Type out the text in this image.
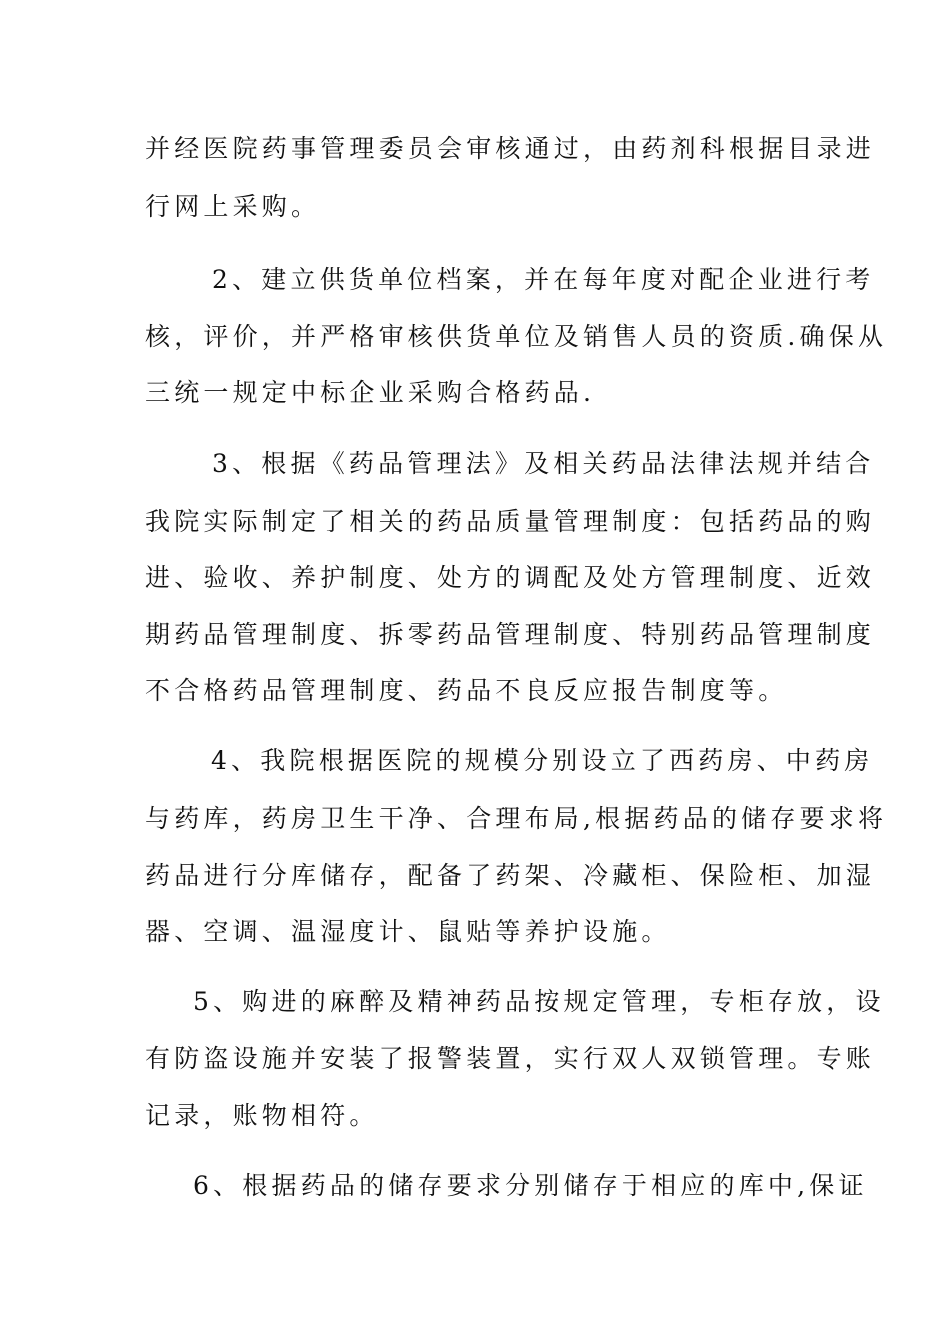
并经医院药事管理委员会审核通过，由药剂科根据目录进
行网上采购。
2、建立供货单位档案，并在每年度对配企业进行考
核，评价，并严格审核供货单位及销售人员的资质.确保从
三统一规定中标企业采购合格药品.
3、根据《药品管理法》及相关药品法律法规并结合
我院实际制定了相关的药品质量管理制度：包括药品的购
进、验收、养护制度、处方的调配及处方管理制度、近效
期药品管理制度、拆零药品管理制度、特别药品管理制度
不合格药品管理制度、药品不良反应报告制度等。
4、我院根据医院的规模分别设立了西药房、中药房
与药库，药房卫生干净、合理布局,根据药品的储存要求将
药品进行分库储存，配备了药架、冷藏柜、保险柜、加湿
器、空调、温湿度计、鼠贴等养护设施。
5、购进的麻醉及精神药品按规定管理，专柜存放，设
有防盗设施并安装了报警装置，实行双人双锁管理。专账
记录，账物相符。
6、根据药品的储存要求分别储存于相应的库中,保证
